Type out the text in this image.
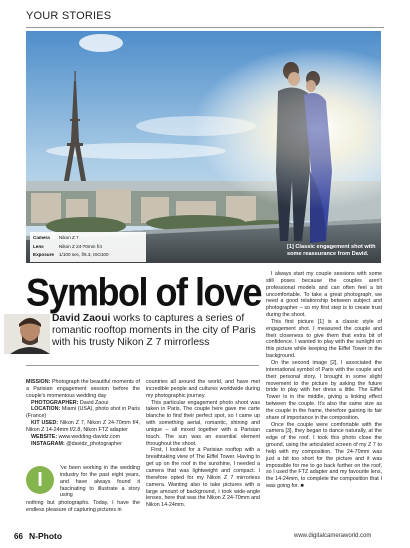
YOUR STORIES
Camera	Nikon Z 7
Lens	Nikon Z 24-70mm f/4
Exposure	1/100 sec, f/5.3, ISO100
[1] Classic engagement shot with some reassurance from David.
Symbol of love
David Zaoui works to captures a series of romantic rooftop moments in the city of Paris with his trusty Nikon Z 7 mirrorless

MISSION: Photograph the beautiful moments of a Parisian engagement session before the couple's momentous wedding day

PHOTOGRAPHER: David Zaoui

LOCATION: Miami (USA), photo shot in Paris (France)

KIT USED: Nikon Z 7, Nikon Z 24-70mm f/4, Nikon Z 14-24mm f/2.8, Nikon FTZ adapter

WEBSITE: www.wedding-davidz.com

INSTAGRAM: @davidz_photographer

I
've been working in the wedding industry for the past eight years, and have always found it fascinating to illustrate a story using
nothing but photographs. Today, I have the endless pleasure of capturing pictures in

countries all around the world, and have met incredible people and cultures worldwide during my photographic journey.

This particular engagement photo shoot was taken in Paris. The couple here gave me carte blanche to find their perfect spot, so I came up with something aerial, romantic, shining and unique – all mixed together with a Parisian touch. The sun was an essential element throughout the shoot.

First, I looked for a Parisian rooftop with a breathtaking view of The Eiffel Tower. Having to get up on the roof in the sunshine, I needed a camera that was lightweight and compact. I therefore opted for my Nikon Z 7 mirrorless camera. Wanting also to take pictures with a large amount of background, I took wide-angle lenses, here that was the Nikon Z 24-70mm and Nikon 14-24mm.

I always start my couple sessions with some still poses because the couples aren't professional models and can often feel a bit uncomfortable. To take a great photograph, we need a good relationship between subject and photographer – so my first step is to create trust during the shoot.

This first picture [1] is a classic style of engagement shot. I measured the couple and their closeness to give them that extra bit of confidence. I wanted to play with the sunlight on this picture while keeping the Eiffel Tower in the background.

On the second image [2], I associated the international symbol of Paris with the couple and their personal story. I brought in some slight movement to the picture by asking the future bride to play with her dress a little. The Eiffel Tower is in the middle, giving a linking effect between the couple. It's also the same size as the couple in the frame, therefore gaining its fair share of importance in the composition.

Once the couple were comfortable with the camera [3], they began to dance naturally, at the edge of the roof. I took this photo close the ground, using the articulated screen of my Z 7 to help with my composition. The 24-70mm was just a bit too short for the picture and it was impossible for me to go back further on the roof, so I used the FTZ adapter and my favourite lens, the 14-24mm, to complete the composition that I was going for. ■

66 N-Photo	www.digitalcameraworld.com
